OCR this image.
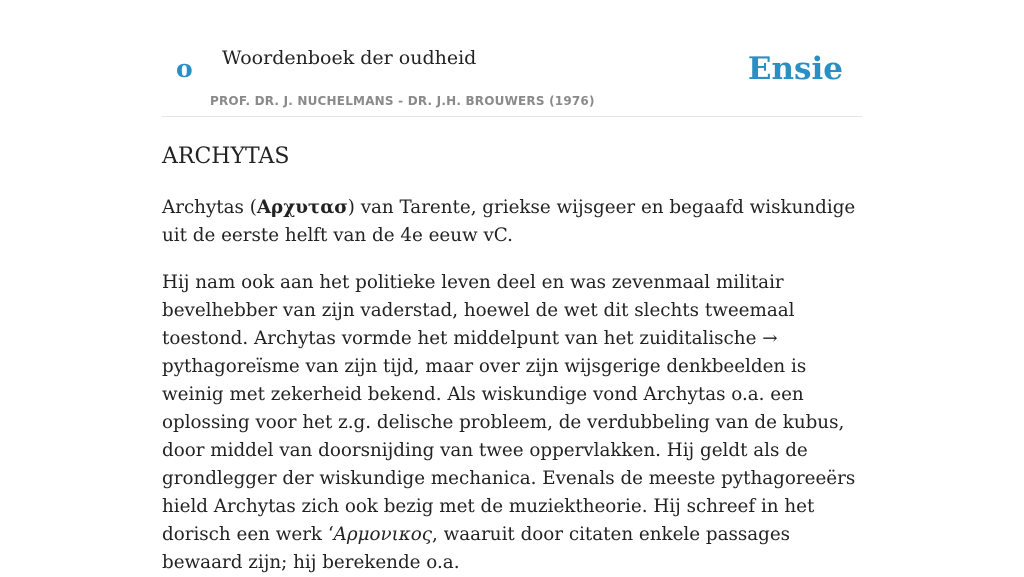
o Woordenboek der oudheid	Ensie
PROF. DR. J. NUCHELMANS - DR. J.H. BROUWERS (1976)
ARCHYTAS

Archytas (Αρχυτασ) van Tarente, griekse wijsgeer en begaafd wiskundige uit de eerste helft van de 4e eeuw vC.

Hij nam ook aan het politieke leven deel en was zevenmaal militair bevelhebber van zijn vaderstad, hoewel de wet dit slechts tweemaal toestond. Archytas vormde het middelpunt van het zuiditalische → pythagoreïsme van zijn tijd, maar over zijn wijsgerige denkbeelden is weinig met zekerheid bekend. Als wiskundige vond Archytas o.a. een oplossing voor het z.g. delische probleem, de verdubbeling van de kubus, door middel van doorsnijding van twee oppervlakken. Hij geldt als de grondlegger der wiskundige mechanica. Evenals de meeste pythagoreeërs hield Archytas zich ook bezig met de muziektheorie. Hij schreef in het dorisch een werk ‘Αρμονικος, waaruit door citaten enkele passages bewaard zijn; hij berekende o.a.
